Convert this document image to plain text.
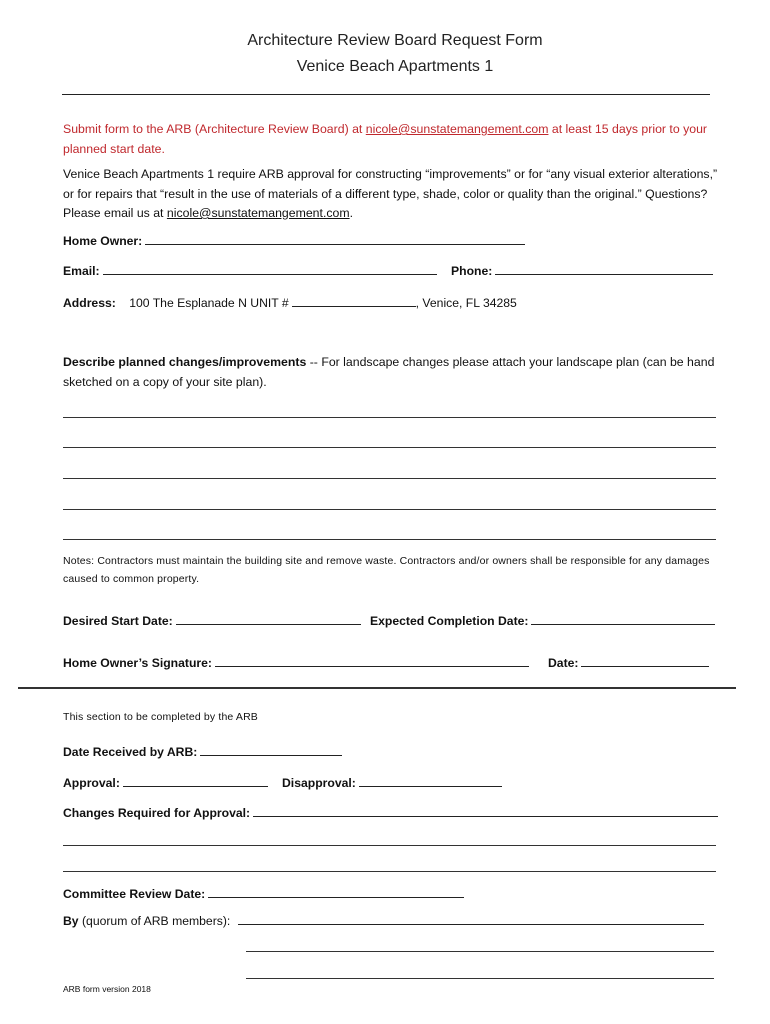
Architecture Review Board Request Form
Venice Beach Apartments 1
Submit form to the ARB (Architecture Review Board) at nicole@sunstatemangement.com at least 15 days prior to your planned start date.
Venice Beach Apartments 1 require ARB approval for constructing “improvements” or for “any visual exterior alterations,” or for repairs that “result in the use of materials of a different type, shade, color or quality than the original.” Questions? Please email us at nicole@sunstatemangement.com.
Home Owner:
Email:	Phone:
Address: 100 The Esplanade N UNIT #	, Venice, FL 34285
Describe planned changes/improvements -- For landscape changes please attach your landscape plan (can be hand sketched on a copy of your site plan).
Notes: Contractors must maintain the building site and remove waste. Contractors and/or owners shall be responsible for any damages caused to common property.
Desired Start Date:	Expected Completion Date:
Home Owner’s Signature:	Date:
This section to be completed by the ARB
Date Received by ARB:
Approval:	Disapproval:
Changes Required for Approval:
Committee Review Date:
By (quorum of ARB members):
ARB form version 2018
